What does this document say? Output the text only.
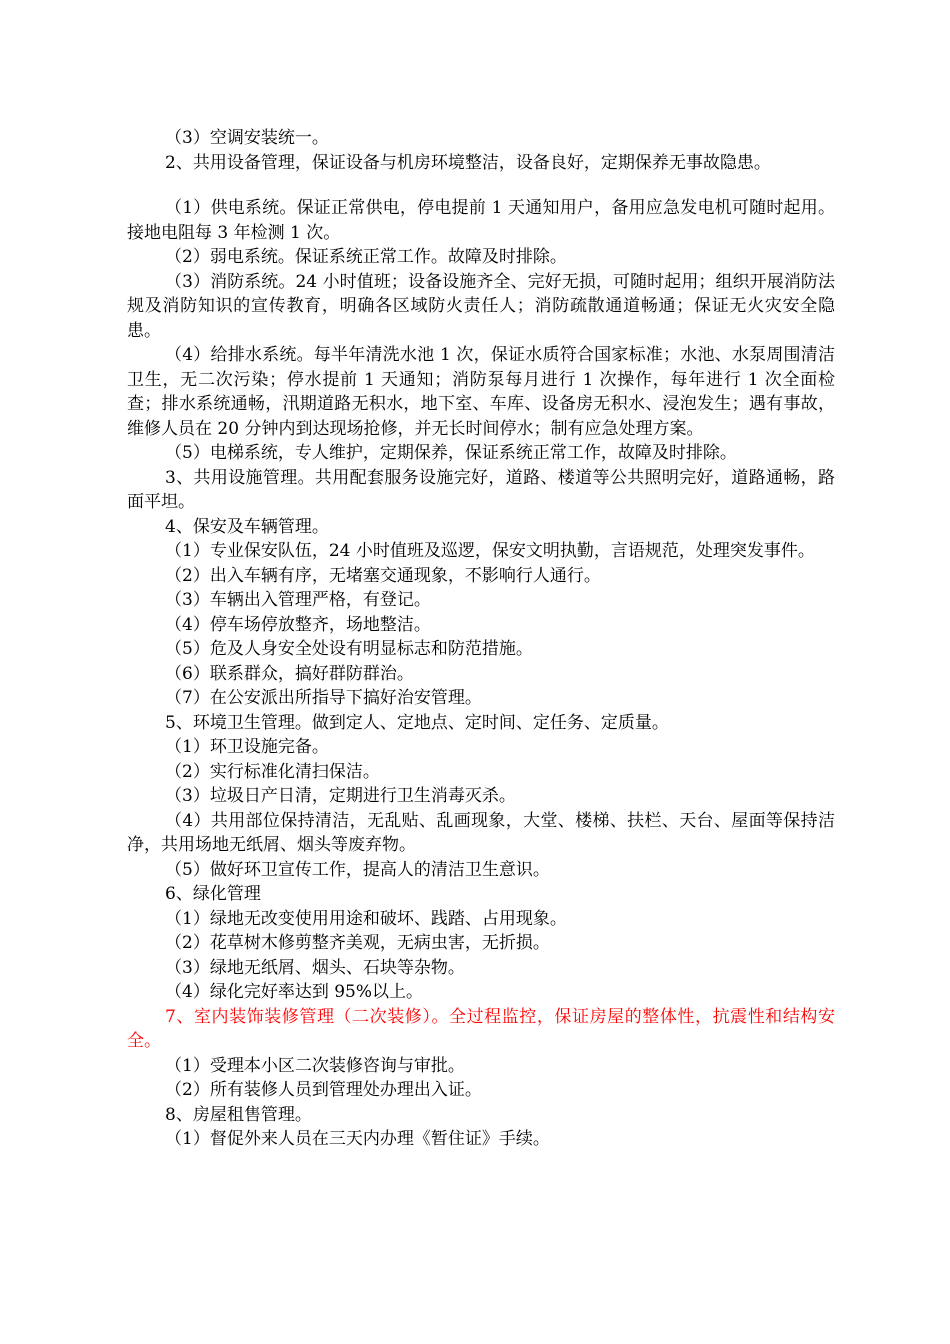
（3）空调安装统一。

2、共用设备管理，保证设备与机房环境整洁，设备良好，定期保养无事故隐患。

（1）供电系统。保证正常供电，停电提前 1 天通知用户，备用应急发电机可随时起用。接地电阻每 3 年检测 1 次。

（2）弱电系统。保证系统正常工作。故障及时排除。

（3）消防系统。24 小时值班；设备设施齐全、完好无损，可随时起用；组织开展消防法规及消防知识的宣传教育，明确各区域防火责任人；消防疏散通道畅通；保证无火灾安全隐患。

（4）给排水系统。每半年清洗水池 1 次，保证水质符合国家标准；水池、水泵周围清洁卫生，无二次污染；停水提前 1 天通知；消防泵每月进行 1 次操作，每年进行 1 次全面检查；排水系统通畅，汛期道路无积水，地下室、车库、设备房无积水、浸泡发生；遇有事故，维修人员在 20 分钟内到达现场抢修，并无长时间停水；制有应急处理方案。

（5）电梯系统，专人维护，定期保养，保证系统正常工作，故障及时排除。

3、共用设施管理。共用配套服务设施完好，道路、楼道等公共照明完好，道路通畅，路面平坦。

4、保安及车辆管理。

（1）专业保安队伍，24 小时值班及巡逻，保安文明执勤，言语规范，处理突发事件。

（2）出入车辆有序，无堵塞交通现象，不影响行人通行。

（3）车辆出入管理严格，有登记。

（4）停车场停放整齐，场地整洁。

（5）危及人身安全处设有明显标志和防范措施。

（6）联系群众，搞好群防群治。

（7）在公安派出所指导下搞好治安管理。

5、环境卫生管理。做到定人、定地点、定时间、定任务、定质量。

（1）环卫设施完备。

（2）实行标准化清扫保洁。

（3）垃圾日产日清，定期进行卫生消毒灭杀。

（4）共用部位保持清洁，无乱贴、乱画现象，大堂、楼梯、扶栏、天台、屋面等保持洁净，共用场地无纸屑、烟头等废弃物。

（5）做好环卫宣传工作，提高人的清洁卫生意识。

6、绿化管理

（1）绿地无改变使用用途和破坏、践踏、占用现象。

（2）花草树木修剪整齐美观，无病虫害，无折损。

（3）绿地无纸屑、烟头、石块等杂物。

（4）绿化完好率达到 95%以上。

7、室内装饰装修管理（二次装修）。全过程监控，保证房屋的整体性，抗震性和结构安全。

（1）受理本小区二次装修咨询与审批。

（2）所有装修人员到管理处办理出入证。

8、房屋租售管理。

（1）督促外来人员在三天内办理《暂住证》手续。
